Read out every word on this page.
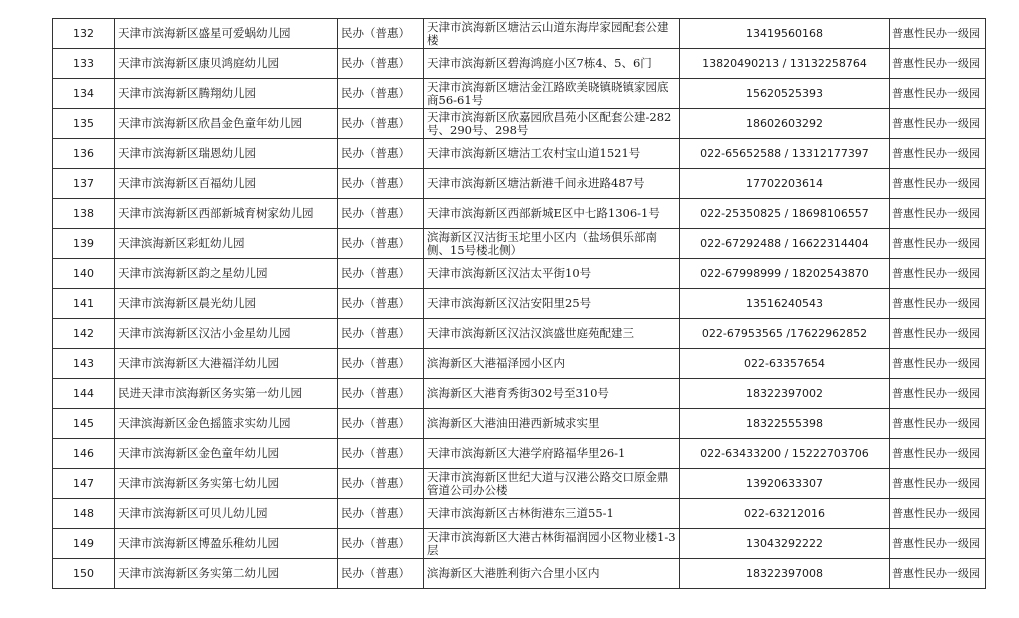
132	天津市滨海新区盛星可爱蜗幼儿园	民办（普惠）	天津市滨海新区塘沽云山道东海岸家园配套公建楼	13419560168	普惠性民办一级园
133	天津市滨海新区康贝鸿庭幼儿园	民办（普惠）	天津市滨海新区碧海鸿庭小区7栋4、5、6门	13820490213 / 13132258764	普惠性民办一级园
134	天津市滨海新区腾翔幼儿园	民办（普惠）	天津市滨海新区塘沽金江路欧美晓镇晓镇家园底商56-61号	15620525393	普惠性民办一级园
135	天津市滨海新区欣昌金色童年幼儿园	民办（普惠）	天津市滨海新区欣嘉园欣昌苑小区配套公建-282号、290号、298号	18602603292	普惠性民办一级园
136	天津市滨海新区瑞恩幼儿园	民办（普惠）	天津市滨海新区塘沽工农村宝山道1521号	022-65652588 / 13312177397	普惠性民办一级园
137	天津市滨海新区百福幼儿园	民办（普惠）	天津市滨海新区塘沽新港千间永进路487号	17702203614	普惠性民办一级园
138	天津市滨海新区西部新城育树家幼儿园	民办（普惠）	天津市滨海新区西部新城E区中七路1306-1号	022-25350825 / 18698106557	普惠性民办一级园
139	天津滨海新区彩虹幼儿园	民办（普惠）	滨海新区汉沽街玉坨里小区内（盐场俱乐部南侧、15号楼北侧）	022-67292488 / 16622314404	普惠性民办一级园
140	天津市滨海新区韵之星幼儿园	民办（普惠）	天津市滨海新区汉沽太平街10号	022-67998999 / 18202543870	普惠性民办一级园
141	天津市滨海新区晨光幼儿园	民办（普惠）	天津市滨海新区汉沽安阳里25号	13516240543	普惠性民办一级园
142	天津市滨海新区汉沽小金星幼儿园	民办（普惠）	天津市滨海新区汉沽汉滨盛世庭苑配建三	022-67953565 /17622962852	普惠性民办一级园
143	天津市滨海新区大港福洋幼儿园	民办（普惠）	滨海新区大港福泽园小区内	022-63357654	普惠性民办一级园
144	民进天津市滨海新区务实第一幼儿园	民办（普惠）	滨海新区大港育秀街302号至310号	18322397002	普惠性民办一级园
145	天津滨海新区金色摇篮求实幼儿园	民办（普惠）	滨海新区大港油田港西新城求实里	18322555398	普惠性民办一级园
146	天津市滨海新区金色童年幼儿园	民办（普惠）	天津市滨海新区大港学府路福华里26-1	022-63433200 / 15222703706	普惠性民办一级园
147	天津市滨海新区务实第七幼儿园	民办（普惠）	天津市滨海新区世纪大道与汉港公路交口原金鼎管道公司办公楼	13920633307	普惠性民办一级园
148	天津市滨海新区可贝儿幼儿园	民办（普惠）	天津市滨海新区古林街港东三道55-1	022-63212016	普惠性民办一级园
149	天津市滨海新区博盈乐稚幼儿园	民办（普惠）	天津市滨海新区大港古林街福润园小区物业楼1-3层	13043292222	普惠性民办一级园
150	天津市滨海新区务实第二幼儿园	民办（普惠）	滨海新区大港胜利街六合里小区内	18322397008	普惠性民办一级园
